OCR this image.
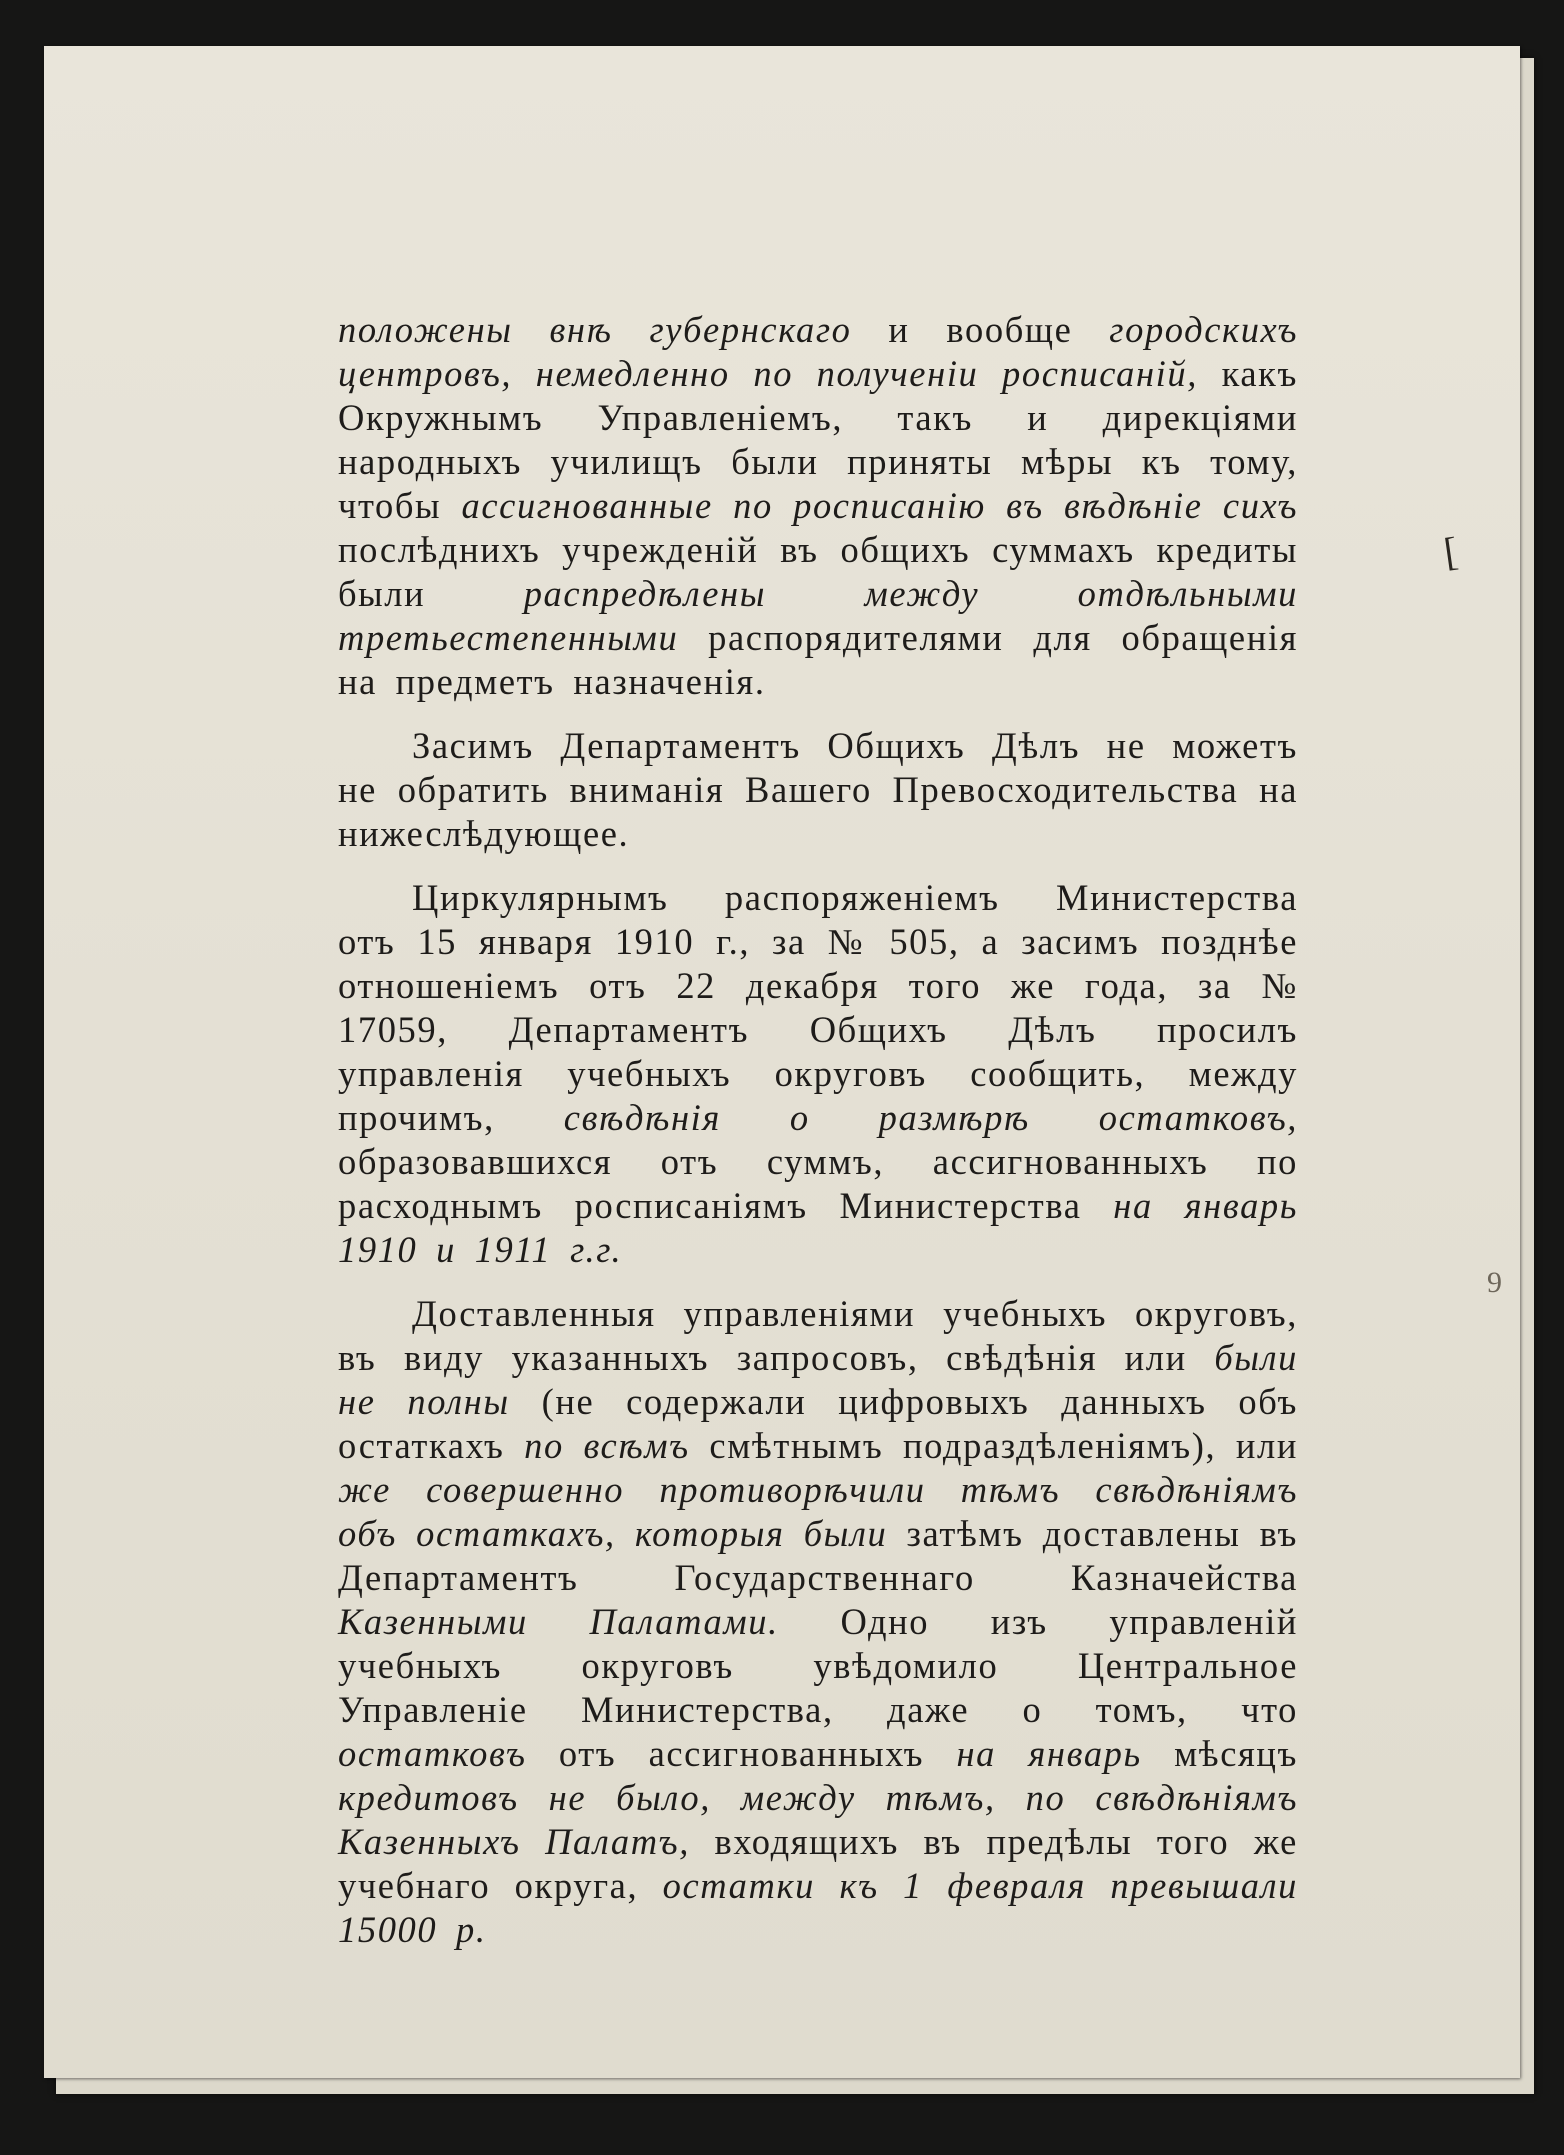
положены внѣ губернскаго и вообще городскихъ центровъ, немедленно по полученіи росписаній, какъ Окружнымъ Управленіемъ, такъ и дирекціями народныхъ училищъ были приняты мѣры къ тому, чтобы ассигнованные по росписанію въ вѣдѣніе сихъ послѣднихъ учрежденій въ общихъ суммахъ кредиты были распредѣлены между отдѣльными третьестепенными распорядителями для обращенія на предметъ назначенія.

Засимъ Департаментъ Общихъ Дѣлъ не можетъ не обратить вниманія Вашего Превосходительства на нижеслѣдующее.

Циркулярнымъ распоряженіемъ Министерства отъ 15 января 1910 г., за № 505, а засимъ позднѣе отношеніемъ отъ 22 декабря того же года, за № 17059, Департаментъ Общихъ Дѣлъ просилъ управленія учебныхъ округовъ сообщить, между прочимъ, свѣдѣнія о размѣрѣ остатковъ, образовавшихся отъ суммъ, ассигнованныхъ по расходнымъ росписаніямъ Министерства на январь 1910 и 1911 г.г.

Доставленныя управленіями учебныхъ округовъ, въ виду указанныхъ запросовъ, свѣдѣнія или были не полны (не содержали цифровыхъ данныхъ объ остаткахъ по всѣмъ смѣтнымъ подраздѣленіямъ), или же совершенно противорѣчили тѣмъ свѣдѣніямъ объ остаткахъ, которыя были затѣмъ доставлены въ Департаментъ Государственнаго Казначейства Казенными Палатами. Одно изъ управленій учебныхъ округовъ увѣдомило Центральное Управленіе Министерства, даже о томъ, что остатковъ отъ ассигнованныхъ на январь мѣсяцъ кредитовъ не было, между тѣмъ, по свѣдѣніямъ Казенныхъ Палатъ, входящихъ въ предѣлы того же учебнаго округа, остатки къ 1 февраля превышали 15000 р.

[
9
